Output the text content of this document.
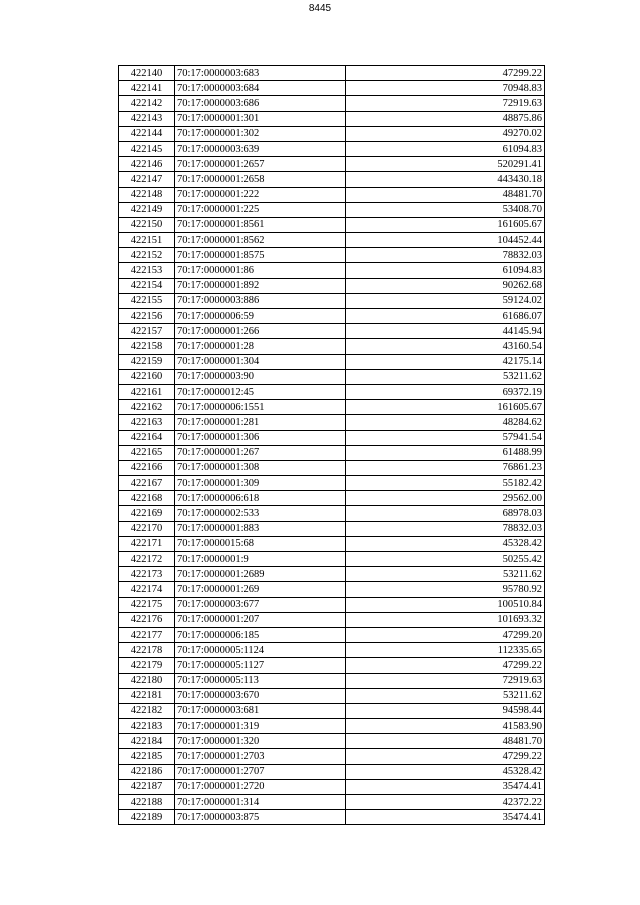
8445
422140	70:17:0000003:683	47299.22
422141	70:17:0000003:684	70948.83
422142	70:17:0000003:686	72919.63
422143	70:17:0000001:301	48875.86
422144	70:17:0000001:302	49270.02
422145	70:17:0000003:639	61094.83
422146	70:17:0000001:2657	520291.41
422147	70:17:0000001:2658	443430.18
422148	70:17:0000001:222	48481.70
422149	70:17:0000001:225	53408.70
422150	70:17:0000001:8561	161605.67
422151	70:17:0000001:8562	104452.44
422152	70:17:0000001:8575	78832.03
422153	70:17:0000001:86	61094.83
422154	70:17:0000001:892	90262.68
422155	70:17:0000003:886	59124.02
422156	70:17:0000006:59	61686.07
422157	70:17:0000001:266	44145.94
422158	70:17:0000001:28	43160.54
422159	70:17:0000001:304	42175.14
422160	70:17:0000003:90	53211.62
422161	70:17:0000012:45	69372.19
422162	70:17:0000006:1551	161605.67
422163	70:17:0000001:281	48284.62
422164	70:17:0000001:306	57941.54
422165	70:17:0000001:267	61488.99
422166	70:17:0000001:308	76861.23
422167	70:17:0000001:309	55182.42
422168	70:17:0000006:618	29562.00
422169	70:17:0000002:533	68978.03
422170	70:17:0000001:883	78832.03
422171	70:17:0000015:68	45328.42
422172	70:17:0000001:9	50255.42
422173	70:17:0000001:2689	53211.62
422174	70:17:0000001:269	95780.92
422175	70:17:0000003:677	100510.84
422176	70:17:0000001:207	101693.32
422177	70:17:0000006:185	47299.20
422178	70:17:0000005:1124	112335.65
422179	70:17:0000005:1127	47299.22
422180	70:17:0000005:113	72919.63
422181	70:17:0000003:670	53211.62
422182	70:17:0000003:681	94598.44
422183	70:17:0000001:319	41583.90
422184	70:17:0000001:320	48481.70
422185	70:17:0000001:2703	47299.22
422186	70:17:0000001:2707	45328.42
422187	70:17:0000001:2720	35474.41
422188	70:17:0000001:314	42372.22
422189	70:17:0000003:875	35474.41
